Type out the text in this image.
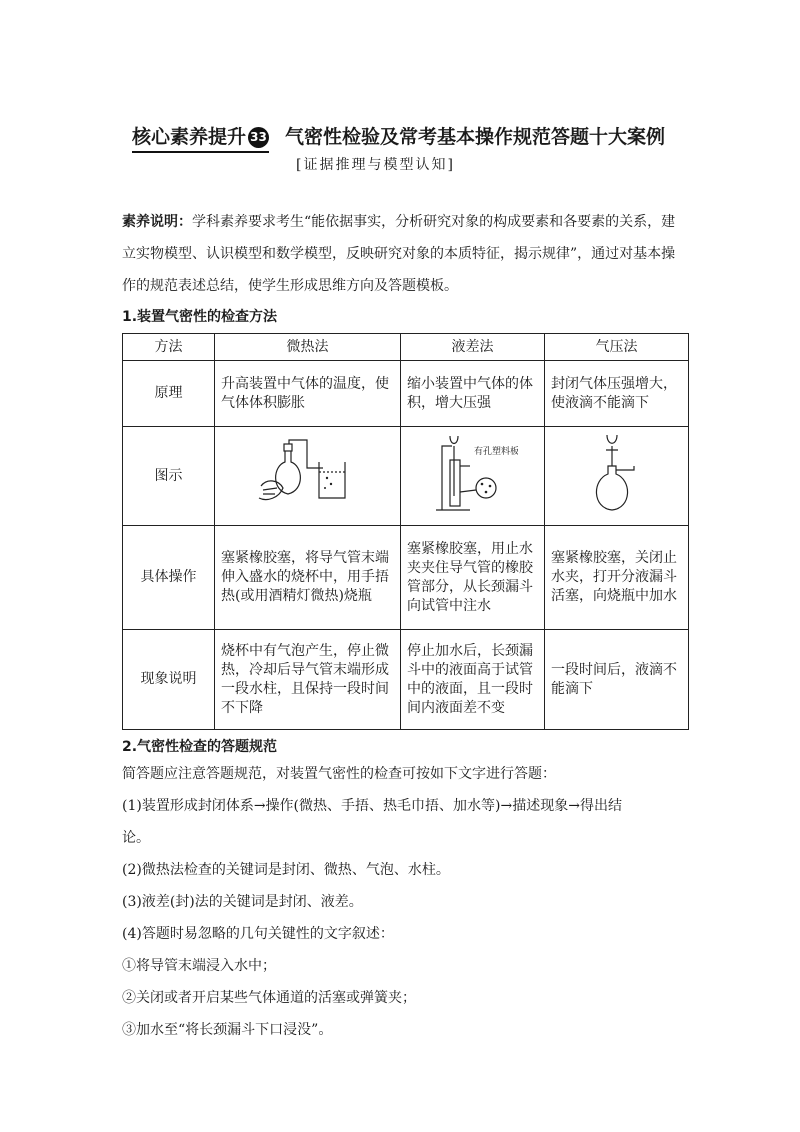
核心素养提升 33 气密性检验及常考基本操作规范答题十大案例
[证据推理与模型认知]
素养说明：学科素养要求考生“能依据事实，分析研究对象的构成要素和各要素的关系，建立实物模型、认识模型和数学模型，反映研究对象的本质特征，揭示规律”，通过对基本操作的规范表述总结，使学生形成思维方向及答题模板。
1.装置气密性的检查方法
方法	微热法	液差法	气压法
原理	升高装置中气体的温度，使气体体积膨胀	缩小装置中气体的体积，增大压强	封闭气体压强增大，使液滴不能滴下
图示		有孔塑料板

具体操作	塞紧橡胶塞，将导气管末端伸入盛水的烧杯中，用手捂热(或用酒精灯微热)烧瓶	塞紧橡胶塞，用止水夹夹住导气管的橡胶管部分，从长颈漏斗向试管中注水	塞紧橡胶塞，关闭止水夹，打开分液漏斗活塞，向烧瓶中加水
现象说明	烧杯中有气泡产生，停止微热，冷却后导气管末端形成一段水柱，且保持一段时间不下降	停止加水后，长颈漏斗中的液面高于试管中的液面，且一段时间内液面差不变	一段时间后，液滴不能滴下
2.气密性检查的答题规范
简答题应注意答题规范，对装置气密性的检查可按如下文字进行答题：
(1)装置形成封闭体系→操作(微热、手捂、热毛巾捂、加水等)→描述现象→得出结
论。
(2)微热法检查的关键词是封闭、微热、气泡、水柱。
(3)液差(封)法的关键词是封闭、液差。
(4)答题时易忽略的几句关键性的文字叙述：
①将导管末端浸入水中；
②关闭或者开启某些气体通道的活塞或弹簧夹；
③加水至“将长颈漏斗下口浸没”。
